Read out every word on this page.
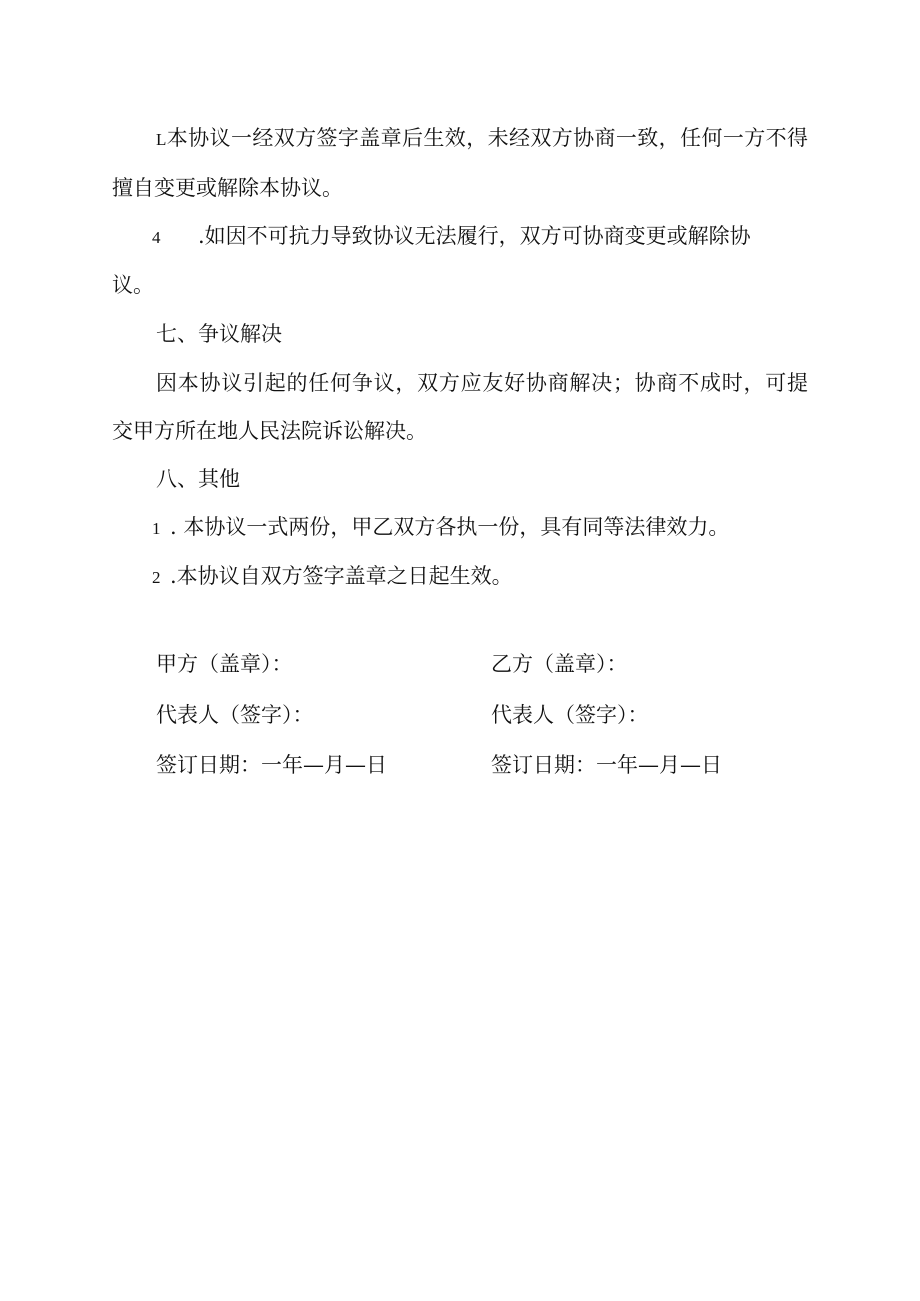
L本协议一经双方签字盖章后生效，未经双方协商一致，任何一方不得
擅自变更或解除本协议。
4 .如因不可抗力导致协议无法履行，双方可协商变更或解除协
议。
七、争议解决
因本协议引起的任何争议，双方应友好协商解决；协商不成时，可提
交甲方所在地人民法院诉讼解决。
八、其他
1 . 本协议一式两份，甲乙双方各执一份，具有同等法律效力。
2 .本协议自双方签字盖章之日起生效。
甲方（盖章）：
代表人（签字）：
签订日期：一年—月—日
乙方（盖章）：
代表人（签字）：
签订日期：一年—月—日
